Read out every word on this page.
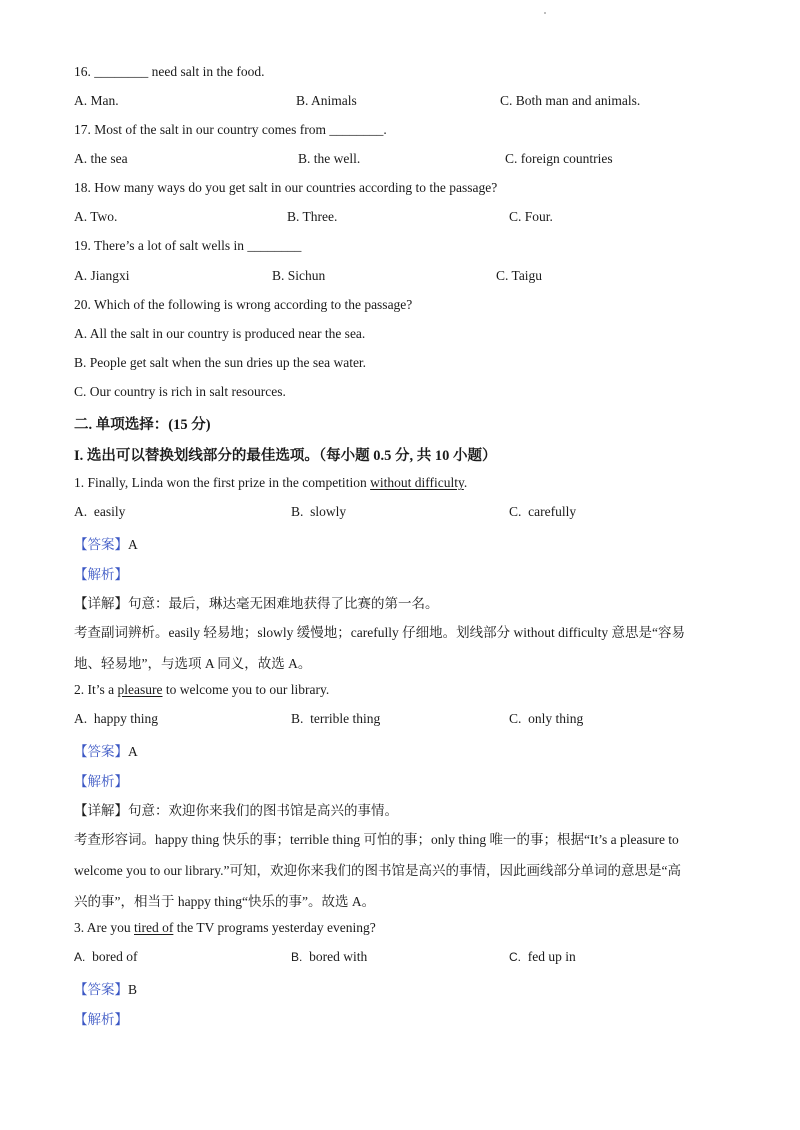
16. ________ need salt in the food.
A. Man.	B. Animals	C. Both man and animals.
17. Most of the salt in our country comes from ________.
A. the sea	B. the well.	C. foreign countries
18. How many ways do you get salt in our countries according to the passage?
A. Two.	B. Three.	C. Four.
19. There’s a lot of salt wells in ________
A. Jiangxi	B. Sichun	C. Taigu
20. Which of the following is wrong according to the passage?
A. All the salt in our country is produced near the sea.
B. People get salt when the sun dries up the sea water.
C. Our country is rich in salt resources.
二. 单项选择：(15 分)
I. 选出可以替换划线部分的最佳选项。（每小题 0.5 分, 共 10 小题）
1. Finally, Linda won the first prize in the competition without difficulty.
A. easily	B. slowly	C. carefully
【答案】A
【解析】
【详解】句意：最后，琳达毫无困难地获得了比赛的第一名。
考查副词辨析。easily 轻易地；slowly 缓慢地；carefully 仔细地。划线部分 without difficulty 意思是“容易
地、轻易地”，与选项 A 同义，故选 A。
2. It’s a pleasure to welcome you to our library.
A. happy thing	B. terrible thing	C. only thing
【答案】A
【解析】
【详解】句意：欢迎你来我们的图书馆是高兴的事情。
考查形容词。happy thing 快乐的事；terrible thing 可怕的事；only thing 唯一的事；根据“It’s a pleasure to
welcome you to our library.”可知，欢迎你来我们的图书馆是高兴的事情，因此画线部分单词的意思是“高
兴的事”，相当于 happy thing“快乐的事”。故选 A。
3. Are you tired of the TV programs yesterday evening?
A. bored of	B. bored with	C. fed up in
【答案】B
【解析】
